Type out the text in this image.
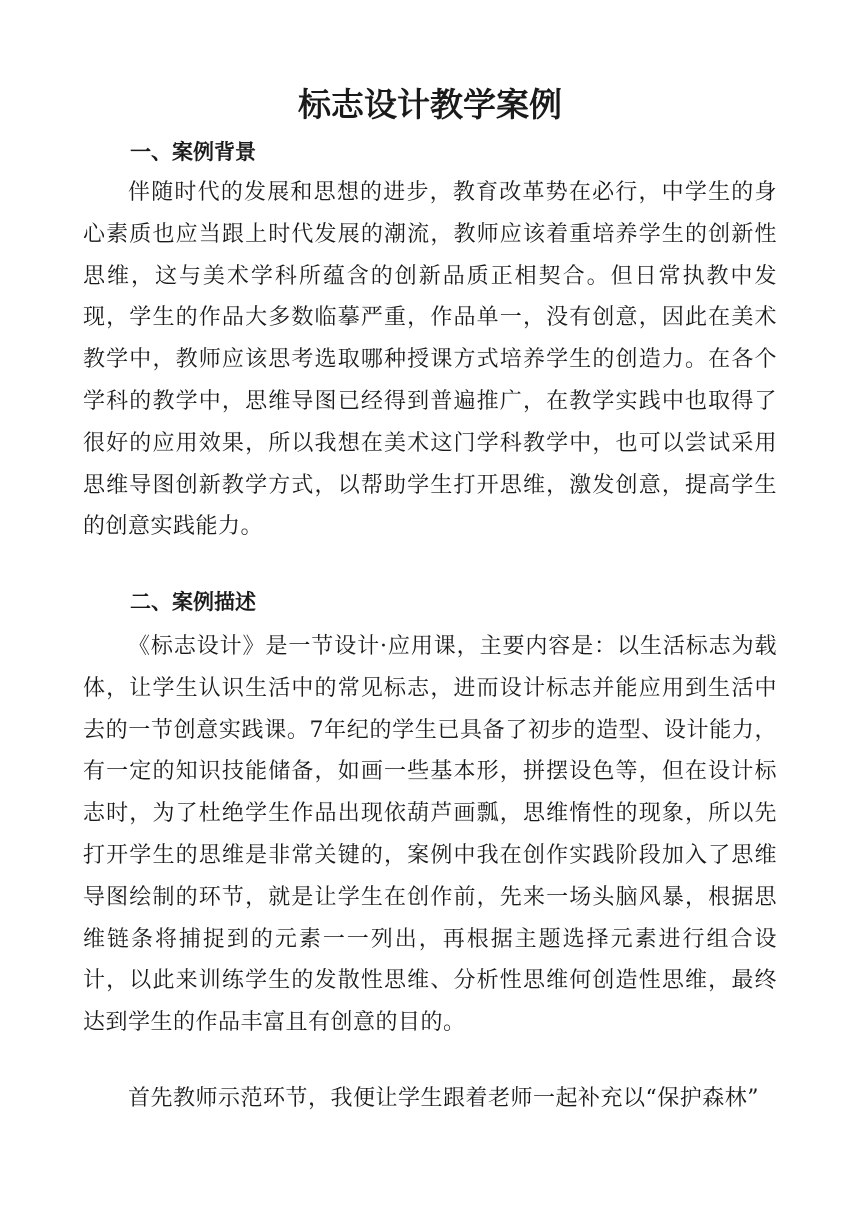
标志设计教学案例
一、案例背景

伴随时代的发展和思想的进步，教育改革势在必行，中学生的身心素质也应当跟上时代发展的潮流，教师应该着重培养学生的创新性思维，这与美术学科所蕴含的创新品质正相契合。但日常执教中发现，学生的作品大多数临摹严重，作品单一，没有创意，因此在美术教学中，教师应该思考选取哪种授课方式培养学生的创造力。在各个学科的教学中，思维导图已经得到普遍推广，在教学实践中也取得了很好的应用效果，所以我想在美术这门学科教学中，也可以尝试采用思维导图创新教学方式，以帮助学生打开思维，激发创意，提高学生的创意实践能力。

二、案例描述

《标志设计》是一节设计·应用课，主要内容是：以生活标志为载体，让学生认识生活中的常见标志，进而设计标志并能应用到生活中去的一节创意实践课。7年纪的学生已具备了初步的造型、设计能力，有一定的知识技能储备，如画一些基本形，拼摆设色等，但在设计标志时，为了杜绝学生作品出现依葫芦画瓢，思维惰性的现象，所以先打开学生的思维是非常关键的，案例中我在创作实践阶段加入了思维导图绘制的环节，就是让学生在创作前，先来一场头脑风暴，根据思维链条将捕捉到的元素一一列出，再根据主题选择元素进行组合设计，以此来训练学生的发散性思维、分析性思维何创造性思维，最终达到学生的作品丰富且有创意的目的。

首先教师示范环节，我便让学生跟着老师一起补充以“保护森林”
